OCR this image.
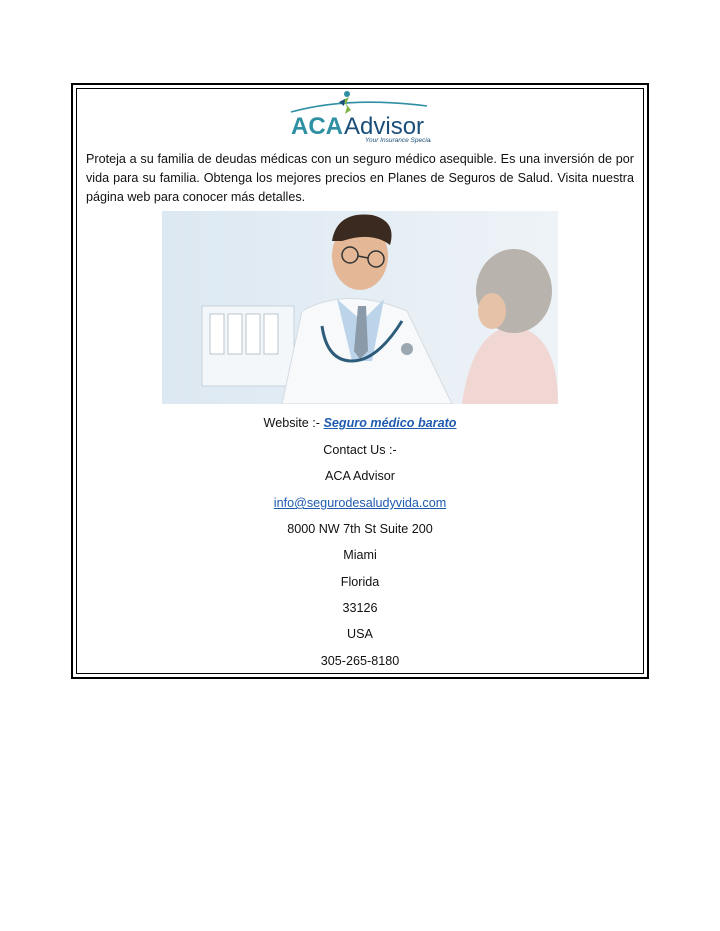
ACA Advisor
Your Insurance Specia
Proteja a su familia de deudas médicas con un seguro médico asequible. Es una inversión de por vida para su familia. Obtenga los mejores precios en Planes de Seguros de Salud. Visita nuestra página web para conocer más detalles.
Website :- Seguro médico barato
Contact Us :-
ACA Advisor
info@segurodesaludyvida.com
8000 NW 7th St Suite 200
Miami
Florida
33126
USA
305-265-8180
